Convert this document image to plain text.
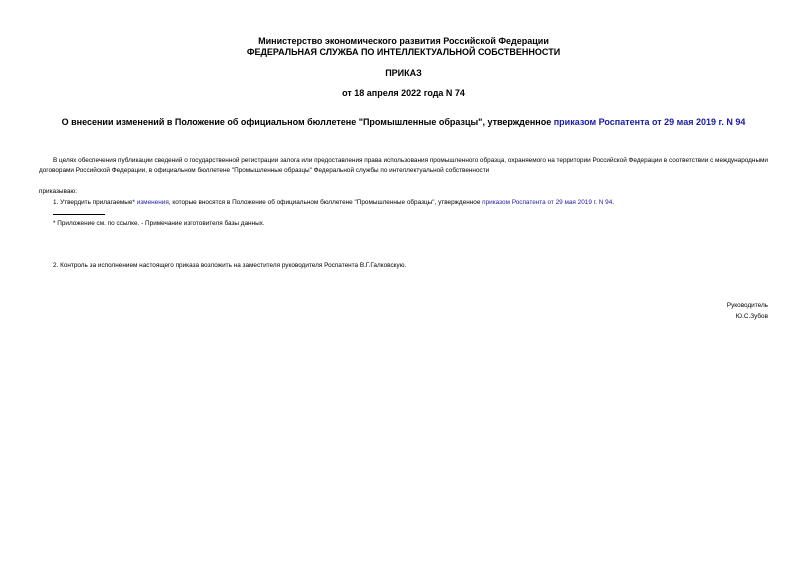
Министерство экономического развития Российской Федерации
ФЕДЕРАЛЬНАЯ СЛУЖБА ПО ИНТЕЛЛЕКТУАЛЬНОЙ СОБСТВЕННОСТИ
ПРИКАЗ
от 18 апреля 2022 года N 74
О внесении изменений в Положение об официальном бюллетене "Промышленные образцы", утвержденное приказом Роспатента от 29 мая 2019 г. N 94
В целях обеспечения публикации сведений о государственной регистрации залога или предоставления права использования промышленного образца, охраняемого на территории Российской Федерации в соответствии с международными договорами Российской Федерации, в официальном бюллетене "Промышленные образцы" Федеральной службы по интеллектуальной собственности
приказываю:
1. Утвердить прилагаемые* изменения, которые вносятся в Положение об официальном бюллетене "Промышленные образцы", утвержденное приказом Роспатента от 29 мая 2019 г. N 94.
* Приложение см. по ссылке. - Примечание изготовителя базы данных.
2. Контроль за исполнением настоящего приказа возложить на заместителя руководителя Роспатента В.Г.Галковскую.
Руководитель
Ю.С.Зубов
